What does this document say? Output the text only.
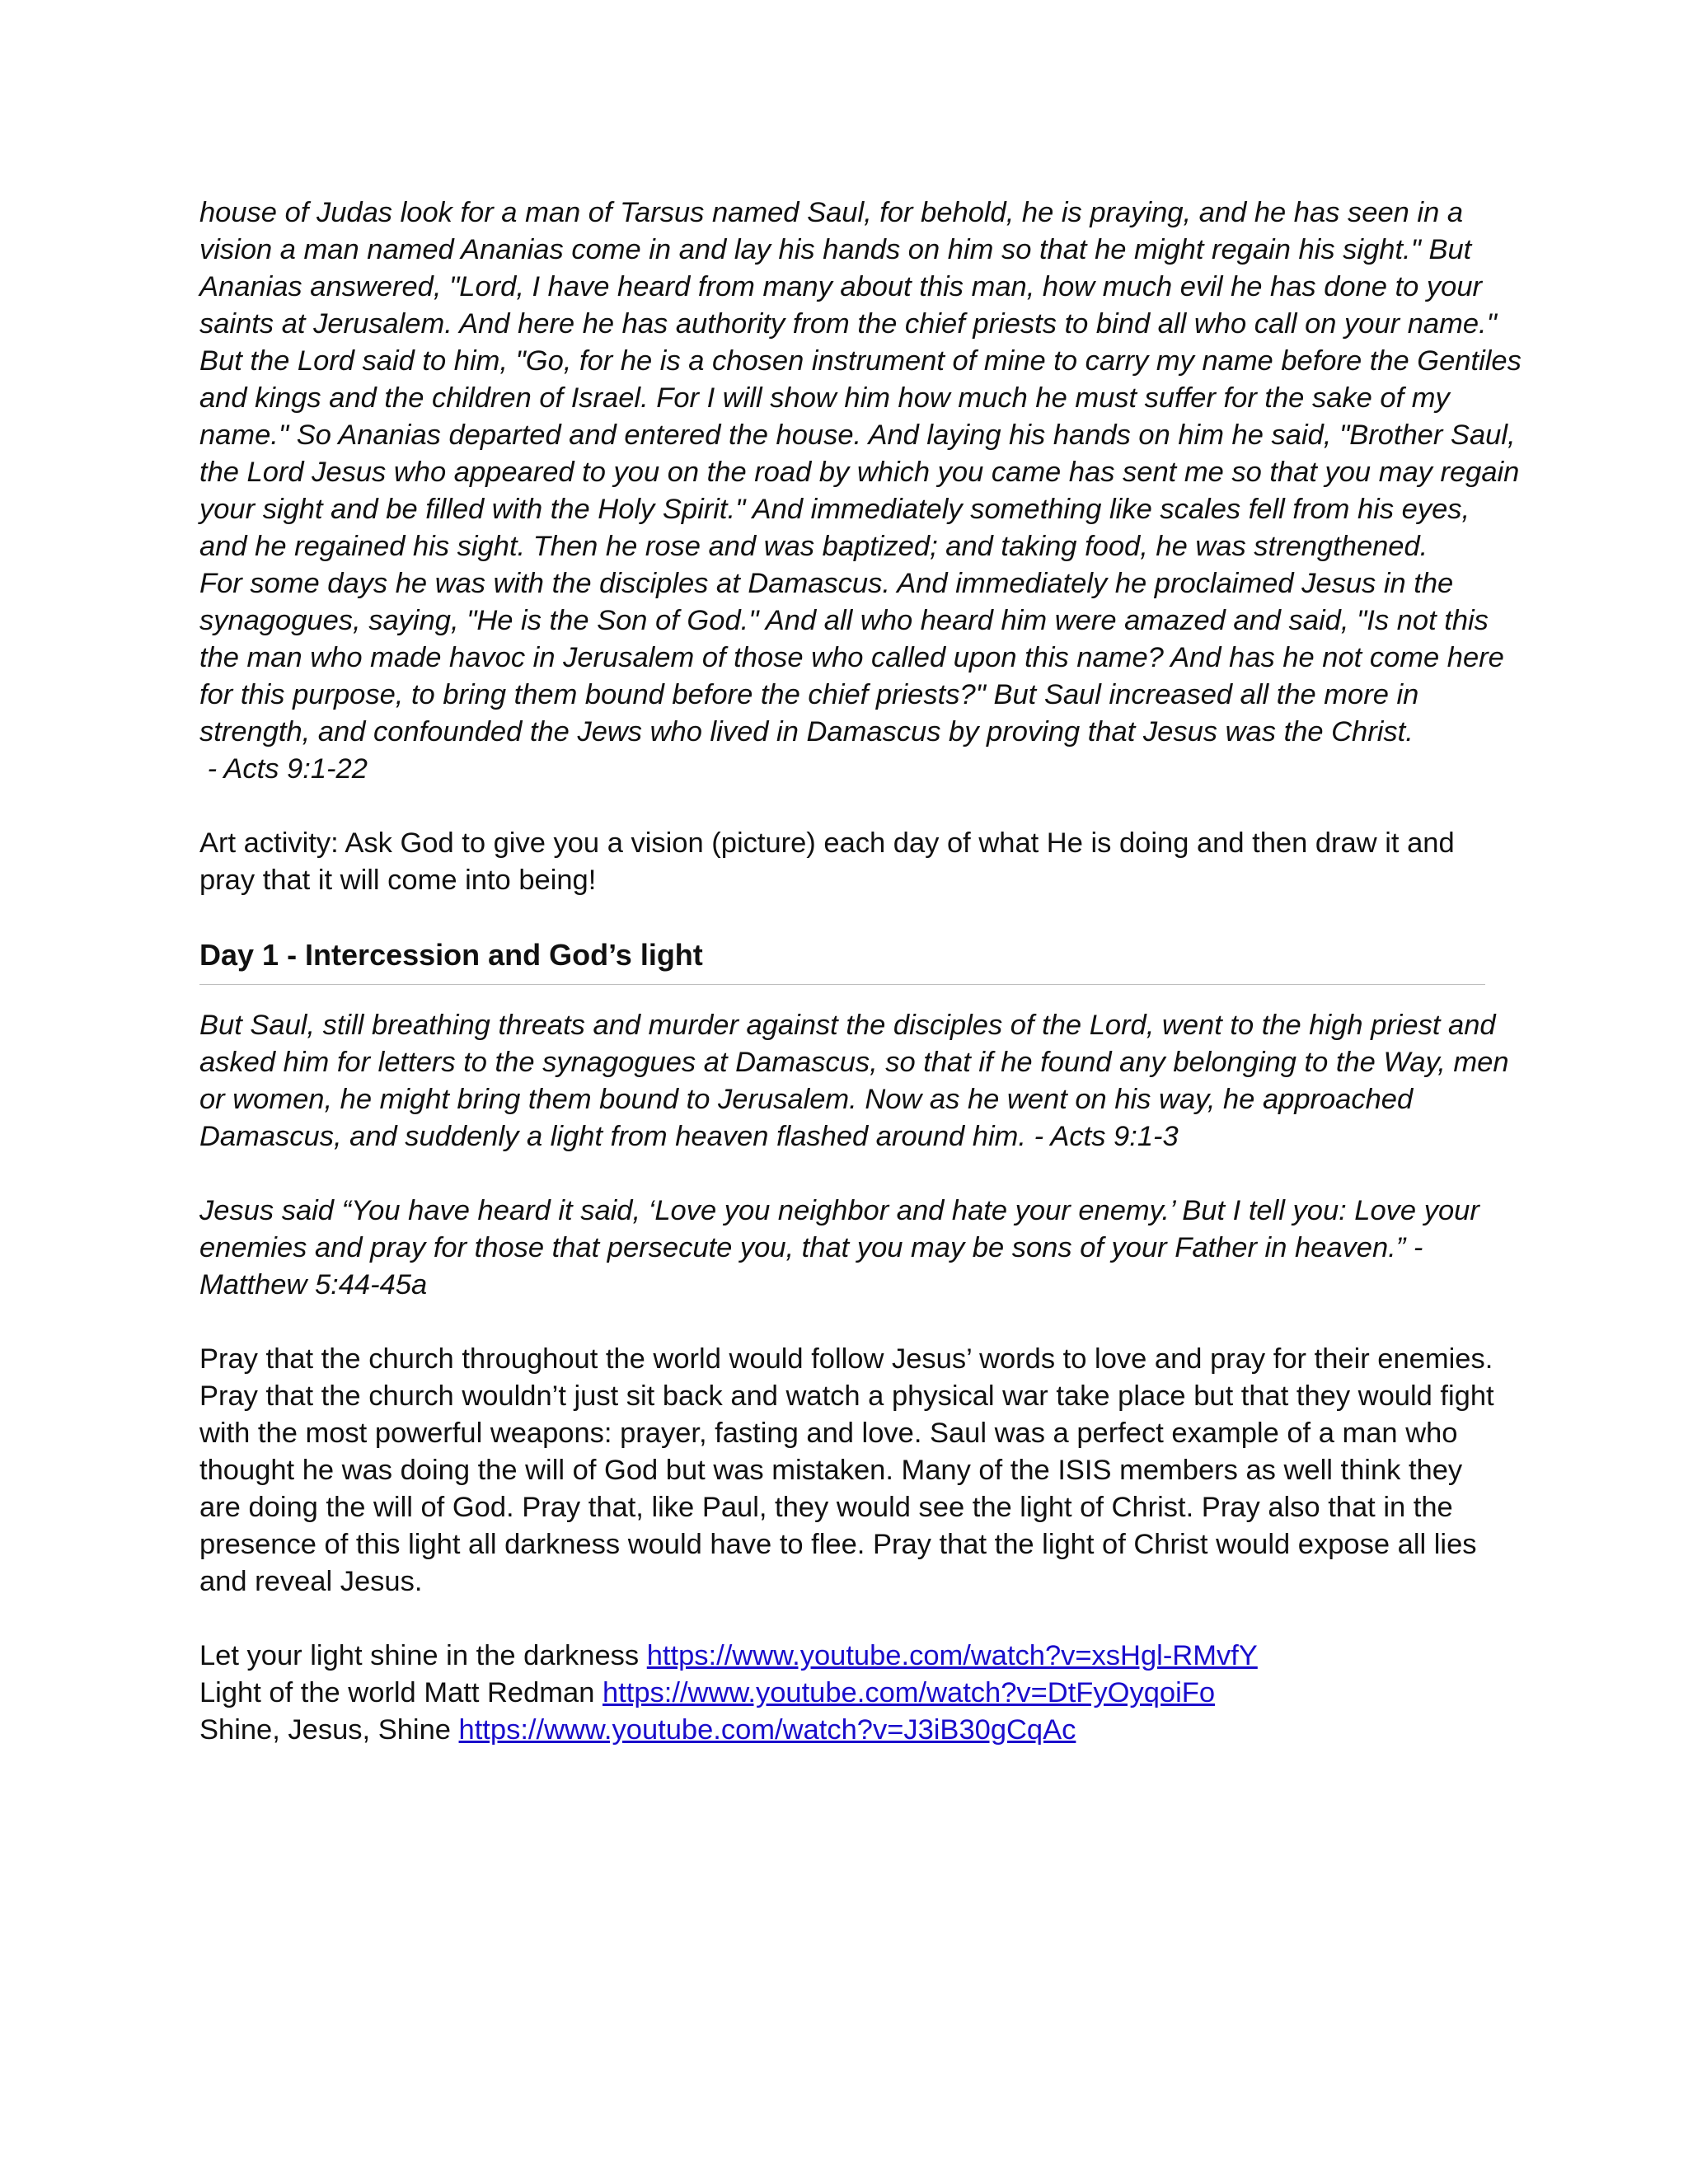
house of Judas look for a man of Tarsus named Saul, for behold, he is praying, and he has seen in a
vision a man named Ananias come in and lay his hands on him so that he might regain his sight." But
Ananias answered, "Lord, I have heard from many about this man, how much evil he has done to your
saints at Jerusalem. And here he has authority from the chief priests to bind all who call on your name."
But the Lord said to him, "Go, for he is a chosen instrument of mine to carry my name before the Gentiles
and kings and the children of Israel. For I will show him how much he must suffer for the sake of my
name." So Ananias departed and entered the house. And laying his hands on him he said, "Brother Saul,
the Lord Jesus who appeared to you on the road by which you came has sent me so that you may regain
your sight and be filled with the Holy Spirit." And immediately something like scales fell from his eyes,
and he regained his sight. Then he rose and was baptized; and taking food, he was strengthened.
For some days he was with the disciples at Damascus. And immediately he proclaimed Jesus in the
synagogues, saying, "He is the Son of God." And all who heard him were amazed and said, "Is not this
the man who made havoc in Jerusalem of those who called upon this name? And has he not come here
for this purpose, to bring them bound before the chief priests?" But Saul increased all the more in
strength, and confounded the Jews who lived in Damascus by proving that Jesus was the Christ.
- Acts 9:1-22

Art activity: Ask God to give you a vision (picture) each day of what He is doing and then draw it and
pray that it will come into being!

Day 1 - Intercession and God’s light

But Saul, still breathing threats and murder against the disciples of the Lord, went to the high priest and
asked him for letters to the synagogues at Damascus, so that if he found any belonging to the Way, men
or women, he might bring them bound to Jerusalem. Now as he went on his way, he approached
Damascus, and suddenly a light from heaven flashed around him. - Acts 9:1-3

Jesus said “You have heard it said, ‘Love you neighbor and hate your enemy.’ But I tell you: Love your
enemies and pray for those that persecute you, that you may be sons of your Father in heaven.” -
Matthew 5:44-45a

Pray that the church throughout the world would follow Jesus’ words to love and pray for their enemies.
Pray that the church wouldn’t just sit back and watch a physical war take place but that they would fight
with the most powerful weapons: prayer, fasting and love. Saul was a perfect example of a man who
thought he was doing the will of God but was mistaken. Many of the ISIS members as well think they
are doing the will of God. Pray that, like Paul, they would see the light of Christ. Pray also that in the
presence of this light all darkness would have to flee. Pray that the light of Christ would expose all lies
and reveal Jesus.

Let your light shine in the darkness https://www.youtube.com/watch?v=xsHgl-RMvfY
Light of the world Matt Redman https://www.youtube.com/watch?v=DtFyOyqoiFo
Shine, Jesus, Shine https://www.youtube.com/watch?v=J3iB30gCqAc
